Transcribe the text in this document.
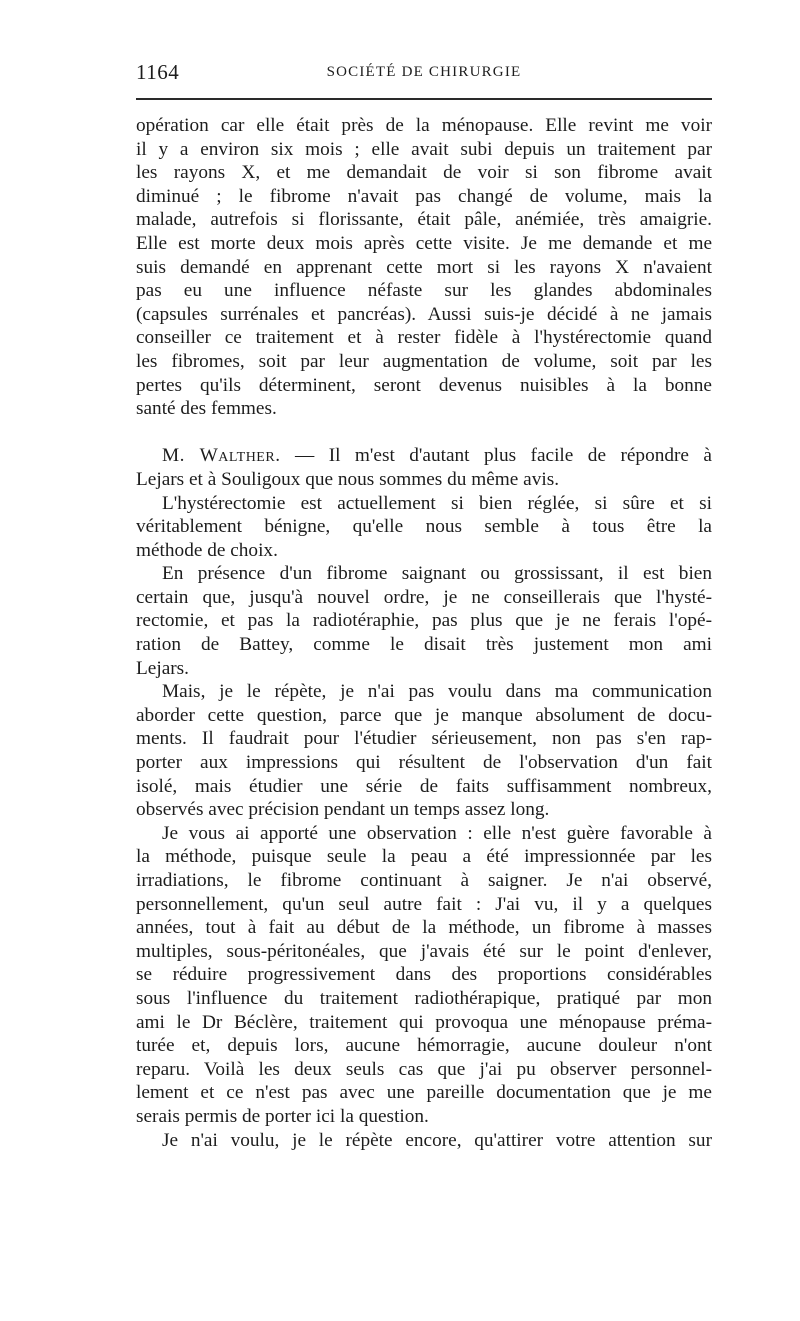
1164	SOCIÉTÉ DE CHIRURGIE
opération car elle était près de la ménopause. Elle revint me voir
il y a environ six mois ; elle avait subi depuis un traitement par
les rayons X, et me demandait de voir si son fibrome avait
diminué ; le fibrome n'avait pas changé de volume, mais la
malade, autrefois si florissante, était pâle, anémiée, très amaigrie.
Elle est morte deux mois après cette visite. Je me demande et me
suis demandé en apprenant cette mort si les rayons X n'avaient
pas eu une influence néfaste sur les glandes abdominales
(capsules surrénales et pancréas). Aussi suis-je décidé à ne jamais
conseiller ce traitement et à rester fidèle à l'hystérectomie quand
les fibromes, soit par leur augmentation de volume, soit par les
pertes qu'ils déterminent, seront devenus nuisibles à la bonne
santé des femmes.
M. Walther. — Il m'est d'autant plus facile de répondre à
Lejars et à Souligoux que nous sommes du même avis.
L'hystérectomie est actuellement si bien réglée, si sûre et si
véritablement bénigne, qu'elle nous semble à tous être la
méthode de choix.
En présence d'un fibrome saignant ou grossissant, il est bien
certain que, jusqu'à nouvel ordre, je ne conseillerais que l'hysté-
rectomie, et pas la radiotéraphie, pas plus que je ne ferais l'opé-
ration de Battey, comme le disait très justement mon ami
Lejars.
Mais, je le répète, je n'ai pas voulu dans ma communication
aborder cette question, parce que je manque absolument de docu-
ments. Il faudrait pour l'étudier sérieusement, non pas s'en rap-
porter aux impressions qui résultent de l'observation d'un fait
isolé, mais étudier une série de faits suffisamment nombreux,
observés avec précision pendant un temps assez long.
Je vous ai apporté une observation : elle n'est guère favorable à
la méthode, puisque seule la peau a été impressionnée par les
irradiations, le fibrome continuant à saigner. Je n'ai observé,
personnellement, qu'un seul autre fait : J'ai vu, il y a quelques
années, tout à fait au début de la méthode, un fibrome à masses
multiples, sous-péritonéales, que j'avais été sur le point d'enlever,
se réduire progressivement dans des proportions considérables
sous l'influence du traitement radiothérapique, pratiqué par mon
ami le Dr Béclère, traitement qui provoqua une ménopause préma-
turée et, depuis lors, aucune hémorragie, aucune douleur n'ont
reparu. Voilà les deux seuls cas que j'ai pu observer personnel-
lement et ce n'est pas avec une pareille documentation que je me
serais permis de porter ici la question.
Je n'ai voulu, je le répète encore, qu'attirer votre attention sur
